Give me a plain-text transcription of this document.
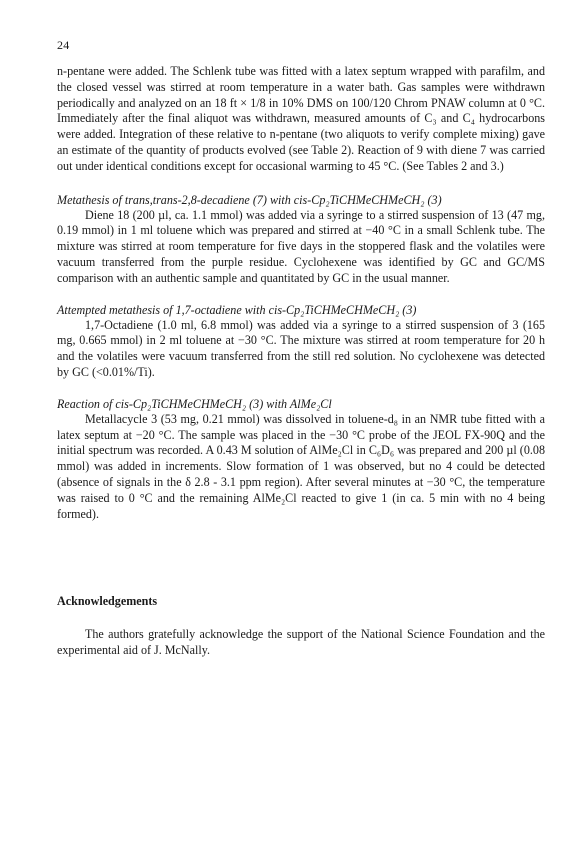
24

n-pentane were added. The Schlenk tube was fitted with a latex septum wrapped with parafilm, and the closed vessel was stirred at room temperature in a water bath. Gas samples were withdrawn periodically and analyzed on an 18 ft × 1/8 in 10% DMS on 100/120 Chrom PNAW column at 0 °C. Immediately after the final aliquot was withdrawn, measured amounts of C₃ and C₄ hydrocarbons were added. Integration of these relative to n-pentane (two aliquots to verify complete mixing) gave an estimate of the quantity of products evolved (see Table 2). Reaction of 9 with diene 7 was carried out under identical conditions except for occasional warming to 45 °C. (See Tables 2 and 3.)

Metathesis of trans,trans-2,8-decadiene (7) with cis-Cp₂TiCHMeCHMeCH₂ (3)

Diene 18 (200 µl, ca. 1.1 mmol) was added via a syringe to a stirred suspension of 13 (47 mg, 0.19 mmol) in 1 ml toluene which was prepared and stirred at −40 °C in a small Schlenk tube. The mixture was stirred at room temperature for five days in the stoppered flask and the volatiles were vacuum transferred from the purple residue. Cyclohexene was identified by GC and GC/MS comparison with an authentic sample and quantitated by GC in the usual manner.

Attempted metathesis of 1,7-octadiene with cis-Cp₂TiCHMeCHMeCH₂ (3)

1,7-Octadiene (1.0 ml, 6.8 mmol) was added via a syringe to a stirred suspension of 3 (165 mg, 0.665 mmol) in 2 ml toluene at −30 °C. The mixture was stirred at room temperature for 20 h and the volatiles were vacuum transferred from the still red solution. No cyclohexene was detected by GC (<0.01%/Ti).

Reaction of cis-Cp₂TiCHMeCHMeCH₂ (3) with AlMe₂Cl

Metallacycle 3 (53 mg, 0.21 mmol) was dissolved in toluene-d₈ in an NMR tube fitted with a latex septum at −20 °C. The sample was placed in the −30 °C probe of the JEOL FX-90Q and the initial spectrum was recorded. A 0.43 M solution of AlMe₂Cl in C₆D₆ was prepared and 200 µl (0.08 mmol) was added in increments. Slow formation of 1 was observed, but no 4 could be detected (absence of signals in the δ 2.8 - 3.1 ppm region). After several minutes at −30 °C, the temperature was raised to 0 °C and the remaining AlMe₂Cl reacted to give 1 (in ca. 5 min with no 4 being formed).

Acknowledgements

The authors gratefully acknowledge the support of the National Science Foundation and the experimental aid of J. McNally.
